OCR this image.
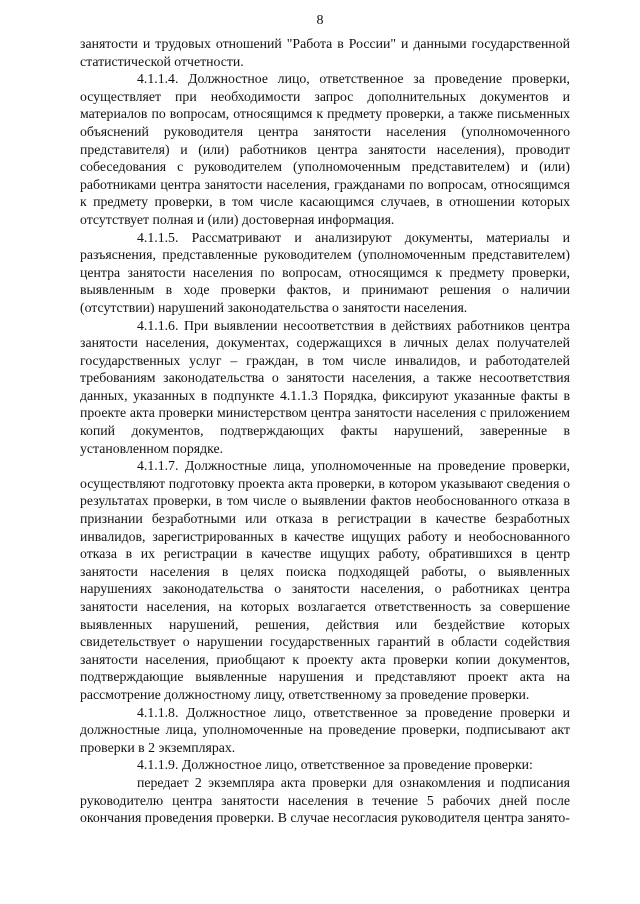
8

занятости и трудовых отношений "Работа в России" и данными государственной статистической отчетности.

4.1.1.4. Должностное лицо, ответственное за проведение проверки, осуществляет при необходимости запрос дополнительных документов и материалов по вопросам, относящимся к предмету проверки, а также письменных объяснений руководителя центра занятости населения (уполномоченного представителя) и (или) работников центра занятости населения), проводит собеседования с руководителем (уполномоченным представителем) и (или) работниками центра занятости населения, гражданами по вопросам, относящимся к предмету проверки, в том числе касающимся случаев, в отношении которых отсутствует полная и (или) достоверная информация.

4.1.1.5. Рассматривают и анализируют документы, материалы и разъяснения, представленные руководителем (уполномоченным представителем) центра занятости населения по вопросам, относящимся к предмету проверки, выявленным в ходе проверки фактов, и принимают решения о наличии (отсутствии) нарушений законодательства о занятости населения.

4.1.1.6. При выявлении несоответствия в действиях работников центра занятости населения, документах, содержащихся в личных делах получателей государственных услуг – граждан, в том числе инвалидов, и работодателей требованиям законодательства о занятости населения, а также несоответствия данных, указанных в подпункте 4.1.1.3 Порядка, фиксируют указанные факты в проекте акта проверки министерством центра занятости населения с приложением копий документов, подтверждающих факты нарушений, заверенные в установленном порядке.

4.1.1.7. Должностные лица, уполномоченные на проведение проверки, осуществляют подготовку проекта акта проверки, в котором указывают сведения о результатах проверки, в том числе о выявлении фактов необоснованного отказа в признании безработными или отказа в регистрации в качестве безработных инвалидов, зарегистрированных в качестве ищущих работу и необоснованного отказа в их регистрации в качестве ищущих работу, обратившихся в центр занятости населения в целях поиска подходящей работы, о выявленных нарушениях законодательства о занятости населения, о работниках центра занятости населения, на которых возлагается ответственность за совершение выявленных нарушений, решения, действия или бездействие которых свидетельствует о нарушении государственных гарантий в области содействия занятости населения, приобщают к проекту акта проверки копии документов, подтверждающие выявленные нарушения и представляют проект акта на рассмотрение должностному лицу, ответственному за проведение проверки.

4.1.1.8. Должностное лицо, ответственное за проведение проверки и должностные лица, уполномоченные на проведение проверки, подписывают акт проверки в 2 экземплярах.

4.1.1.9. Должностное лицо, ответственное за проведение проверки:

передает 2 экземпляра акта проверки для ознакомления и подписания руководителю центра занятости населения в течение 5 рабочих дней после окончания проведения проверки. В случае несогласия руководителя центра занято-
